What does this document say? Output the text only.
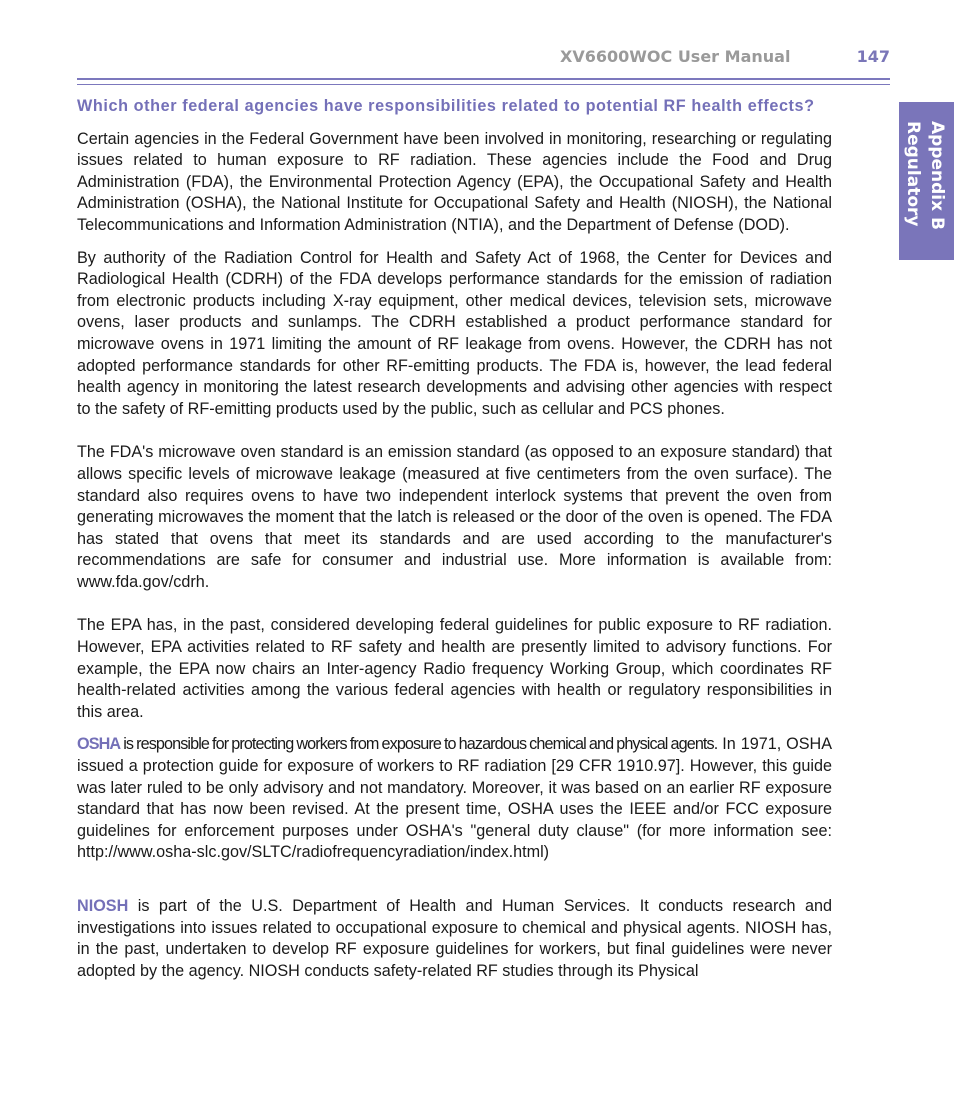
XV6600WOC User Manual	147
Appendix B
Regulatory
Which other federal agencies have responsibilities related to potential RF health effects?

Certain agencies in the Federal Government have been involved in monitoring, researching or regulating issues related to human exposure to RF radiation. These agencies include the Food and Drug Administration (FDA), the Environmental Protection Agency (EPA), the Occupational Safety and Health Administration (OSHA), the National Institute for Occupational Safety and Health (NIOSH), the National Telecommunications and Information Administration (NTIA), and the Department of Defense (DOD).

By authority of the Radiation Control for Health and Safety Act of 1968, the Center for Devices and Radiological Health (CDRH) of the FDA develops performance standards for the emission of radiation from electronic products including X-ray equipment, other medical devices, television sets, microwave ovens, laser products and sunlamps. The CDRH established a product performance standard for microwave ovens in 1971 limiting the amount of RF leakage from ovens. However, the CDRH has not adopted performance standards for other RF-emitting products. The FDA is, however, the lead federal health agency in monitoring the latest research developments and advising other agencies with respect to the safety of RF-emitting products used by the public, such as cellular and PCS phones.

The FDA's microwave oven standard is an emission standard (as opposed to an exposure standard) that allows specific levels of microwave leakage (measured at five centimeters from the oven surface). The standard also requires ovens to have two independent interlock systems that prevent the oven from generating microwaves the moment that the latch is released or the door of the oven is opened. The FDA has stated that ovens that meet its standards and are used according to the manufacturer's recommendations are safe for consumer and industrial use. More information is available from: www.fda.gov/cdrh.

The EPA has, in the past, considered developing federal guidelines for public exposure to RF radiation. However, EPA activities related to RF safety and health are presently limited to advisory functions. For example, the EPA now chairs an Inter-agency Radio frequency Working Group, which coordinates RF health-related activities among the various federal agencies with health or regulatory responsibilities in this area.

OSHA is responsible for protecting workers from exposure to hazardous chemical and physical agents. In 1971, OSHA issued a protection guide for exposure of workers to RF radiation [29 CFR 1910.97]. However, this guide was later ruled to be only advisory and not mandatory. Moreover, it was based on an earlier RF exposure standard that has now been revised. At the present time, OSHA uses the IEEE and/or FCC exposure guidelines for enforcement purposes under OSHA's "general duty clause" (for more information see: http://www.osha-slc.gov/SLTC/radiofrequencyradiation/index.html)

NIOSH is part of the U.S. Department of Health and Human Services. It conducts research and investigations into issues related to occupational exposure to chemical and physical agents. NIOSH has, in the past, undertaken to develop RF exposure guidelines for workers, but final guidelines were never adopted by the agency. NIOSH conducts safety-related RF studies through its Physical
